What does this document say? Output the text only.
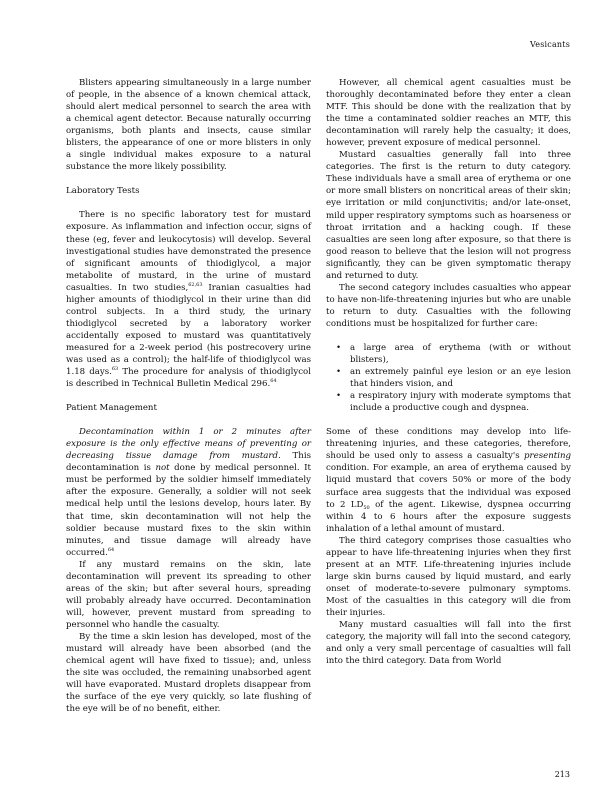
Vesicants

Blisters appearing simultaneously in a large number of people, in the absence of a known chemical attack, should alert medical personnel to search the area with a chemical agent detector. Because naturally occurring organisms, both plants and insects, cause similar blisters, the appearance of one or more blisters in only a single individual makes exposure to a natural substance the more likely possibility.

Laboratory Tests

There is no specific laboratory test for mustard exposure. As inflammation and infection occur, signs of these (eg, fever and leukocytosis) will develop. Several investigational studies have demonstrated the presence of significant amounts of thiodiglycol, a major metabolite of mustard, in the urine of mustard casualties. In two studies,$^{62,63}$ Iranian casualties had higher amounts of thiodiglycol in their urine than did control subjects. In a third study, the urinary thiodiglycol secreted by a laboratory worker accidentally exposed to mustard was quantitatively measured for a 2-week period (his postrecovery urine was used as a control); the half-life of thiodiglycol was 1.18 days.$^{63}$ The procedure for analysis of thiodiglycol is described in Technical Bulletin Medical 296.64

Patient Management

Decontamination within 1 or 2 minutes after exposure is the only effective means of preventing or decreasing tissue damage from mustard. This decontamination is not done by medical personnel. It must be performed by the soldier himself immediately after the exposure. Generally, a soldier will not seek medical help until the lesions develop, hours later. By that time, skin decontamination will not help the soldier because mustard fixes to the skin within minutes, and tissue damage will already have occurred.$^{64}$

If any mustard remains on the skin, late decontamination will prevent its spreading to other areas of the skin; but after several hours, spreading will probably already have occurred. Decontamination will, however, prevent mustard from spreading to personnel who handle the casualty.

By the time a skin lesion has developed, most of the mustard will already have been absorbed (and the chemical agent will have fixed to tissue); and, unless the site was occluded, the remaining unabsorbed agent will have evaporated. Mustard droplets disappear from the surface of the eye very quickly, so late flushing of the eye will be of no benefit, either.

However, all chemical agent casualties must be thoroughly decontaminated before they enter a clean MTF. This should be done with the realization that by the time a contaminated soldier reaches an MTF, this decontamination will rarely help the casualty; it does, however, prevent exposure of medical personnel.

Mustard casualties generally fall into three categories. The first is the return to duty category. These individuals have a small area of erythema or one or more small blisters on noncritical areas of their skin; eye irritation or mild conjunctivitis; and/or late-onset, mild upper respiratory symptoms such as hoarseness or throat irritation and a hacking cough. If these casualties are seen long after exposure, so that there is good reason to believe that the lesion will not progress significantly, they can be given symptomatic therapy and returned to duty.

The second category includes casualties who appear to have non-life-threatening injuries but who are unable to return to duty. Casualties with the following conditions must be hospitalized for further care:

• a large area of erythema (with or without blisters),
• an extremely painful eye lesion or an eye lesion that hinders vision, and
• a respiratory injury with moderate symptoms that include a productive cough and dyspnea.

Some of these conditions may develop into life-threatening injuries, and these categories, therefore, should be used only to assess a casualty's presenting condition. For example, an area of erythema caused by liquid mustard that covers 50% or more of the body surface area suggests that the individual was exposed to 2 $LD_{50}$ of the agent. Likewise, dyspnea occurring within 4 to 6 hours after the exposure suggests inhalation of a lethal amount of mustard.

The third category comprises those casualties who appear to have life-threatening injuries when they first present at an MTF. Life-threatening injuries include large skin burns caused by liquid mustard, and early onset of moderate-to-severe pulmonary symptoms. Most of the casualties in this category will die from their injuries.

Many mustard casualties will fall into the first category, the majority will fall into the second category, and only a very small percentage of casualties will fall into the third category. Data from World

213
